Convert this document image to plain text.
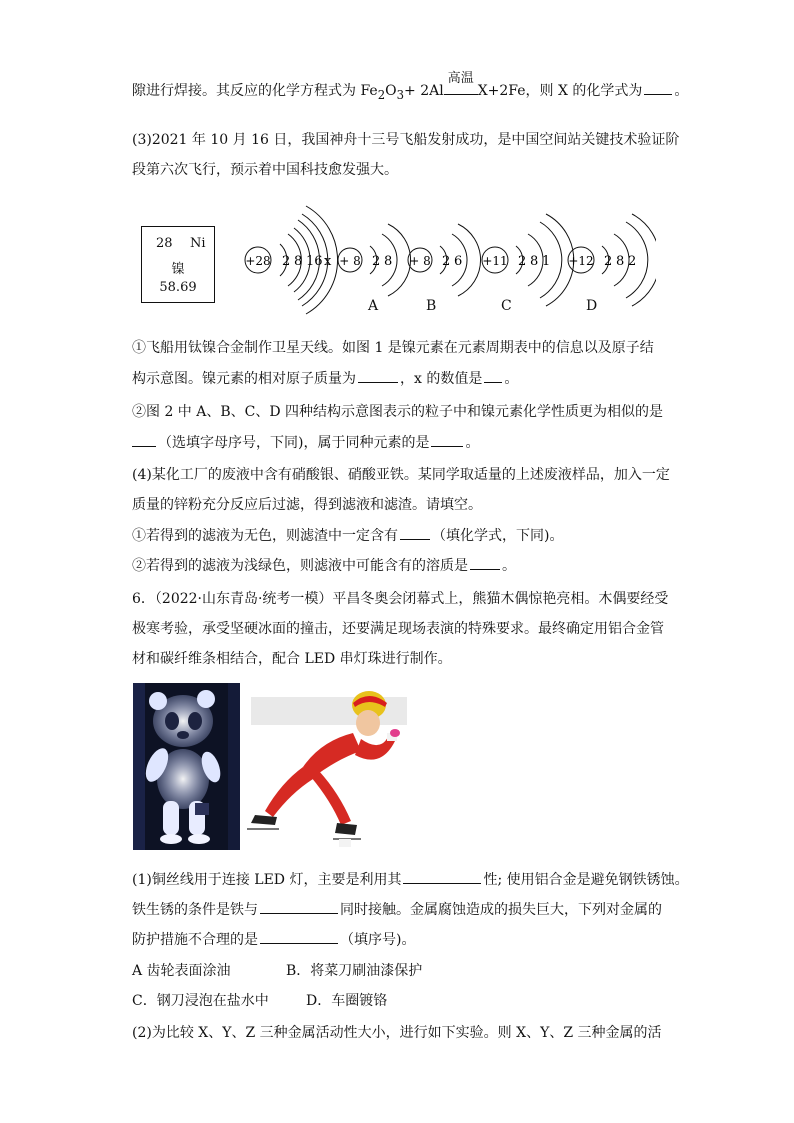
隙进行焊接。其反应的化学方程式为 $Fe_2O_3+ 2Al$
高温
X+2Fe，则 X 的化学式为 。
(3)2021 年 10 月 16 日，我国神舟十三号飞船发射成功，是中国空间站关键技术验证阶
段第六次飞行，预示着中国科技愈发强大。
28 Ni
镍
58.69
+28 2 8 16 x + 8 2 8 + 8 2 6 +11 2 8 1 +12 2 8 2
A	B	C	D
①飞船用钛镍合金制作卫星天线。如图 1 是镍元素在元素周期表中的信息以及原子结
构示意图。镍元素的相对原子质量为	，x 的数值是 。
②图 2 中 A、B、C、D 四种结构示意图表示的粒子中和镍元素化学性质更为相似的是
（选填字母序号，下同)，属于同种元素的是	。
(4)某化工厂的废液中含有硝酸银、硝酸亚铁。某同学取适量的上述废液样品，加入一定
质量的锌粉充分反应后过滤，得到滤液和滤渣。请填空。
①若得到的滤液为无色，则滤渣中一定含有 （填化学式，下同)。
②若得到的滤液为浅绿色，则滤液中可能含有的溶质是 。
6．（2022·山东青岛·统考一模）平昌冬奥会闭幕式上，熊猫木偶惊艳亮相。木偶要经受
极寒考验，承受坚硬冰面的撞击，还要满足现场表演的特殊要求。最终确定用铝合金管
材和碳纤维条相结合，配合 LED 串灯珠进行制作。
(1)铜丝线用于连接 LED 灯，主要是利用其	性; 使用铝合金是避免钢铁锈蚀。
铁生锈的条件是铁与	同时接触。金属腐蚀造成的损失巨大，下列对金属的
防护措施不合理的是	（填序号)。
A 齿轮表面涂油	B．将菜刀刷油漆保护
C．钢刀浸泡在盐水中	D．车圈镀铬
(2)为比较 X、Y、Z 三种金属活动性大小，进行如下实验。则 X、Y、Z 三种金属的活
